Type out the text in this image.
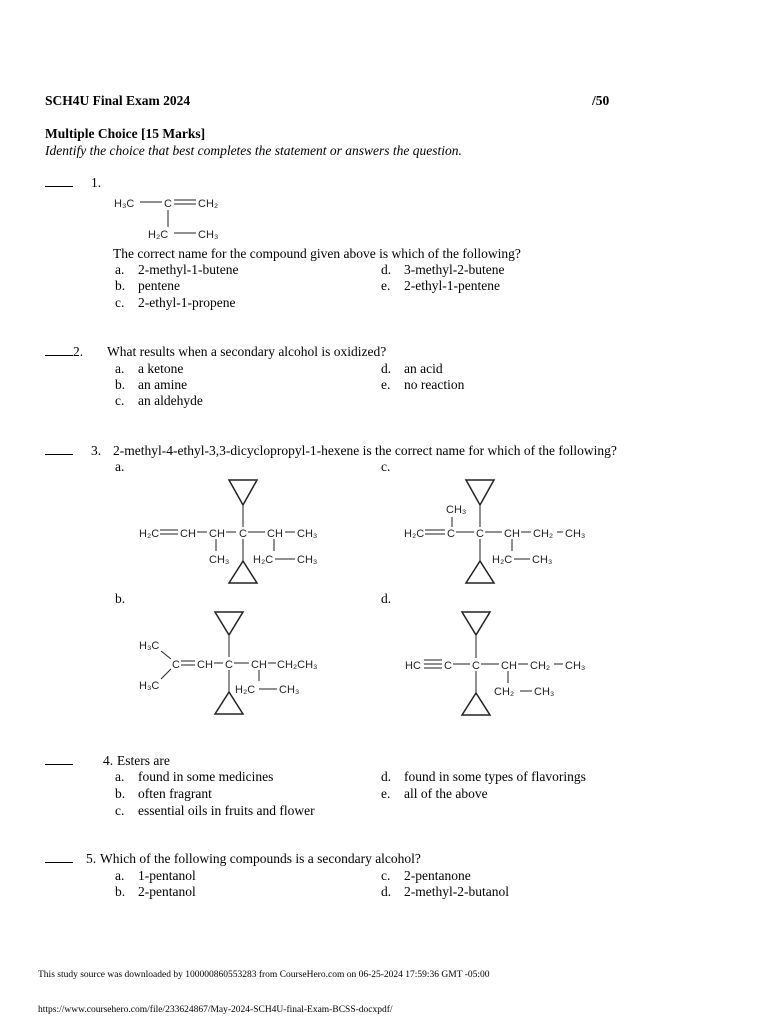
SCH4U Final Exam 2024	/50
Multiple Choice [15 Marks]
Identify the choice that best completes the statement or answers the question.
1.
H₃C	C CH₂
H₂C	CH₃
The correct name for the compound given above is which of the following?
a. 2-methyl-1-butene
b. pentene
c. 2-ethyl-1-propene
d. 3-methyl-2-butene
e. 2-ethyl-1-pentene
2. What results when a secondary alcohol is oxidized?
a. a ketone
b. an amine
c. an aldehyde
d. an acid
e. no reaction
3. 2-methyl-4-ethyl-3,3-dicyclopropyl-1-hexene is the correct name for which of the following?
a.	c.
b.	d.
H₂C CH CH C CH CH₃
CH₃ H₂C CH₃
CH₃
H₂C C C CH CH₂ CH₃
H₂C CH₃
H₃C
H₃C
C CH C CH CH₂CH₃
H₂C CH₃
HC C C CH CH₂ CH₃
CH₂ CH₃
4. Esters are
a. found in some medicines
b. often fragrant
c. essential oils in fruits and flower
d. found in some types of flavorings
e. all of the above
5. Which of the following compounds is a secondary alcohol?
a. 1-pentanol
b. 2-pentanol
c. 2-pentanone
d. 2-methyl-2-butanol
This study source was downloaded by 100000860553283 from CourseHero.com on 06-25-2024 17:59:36 GMT -05:00
https://www.coursehero.com/file/233624867/May-2024-SCH4U-final-Exam-BCSS-docxpdf/
